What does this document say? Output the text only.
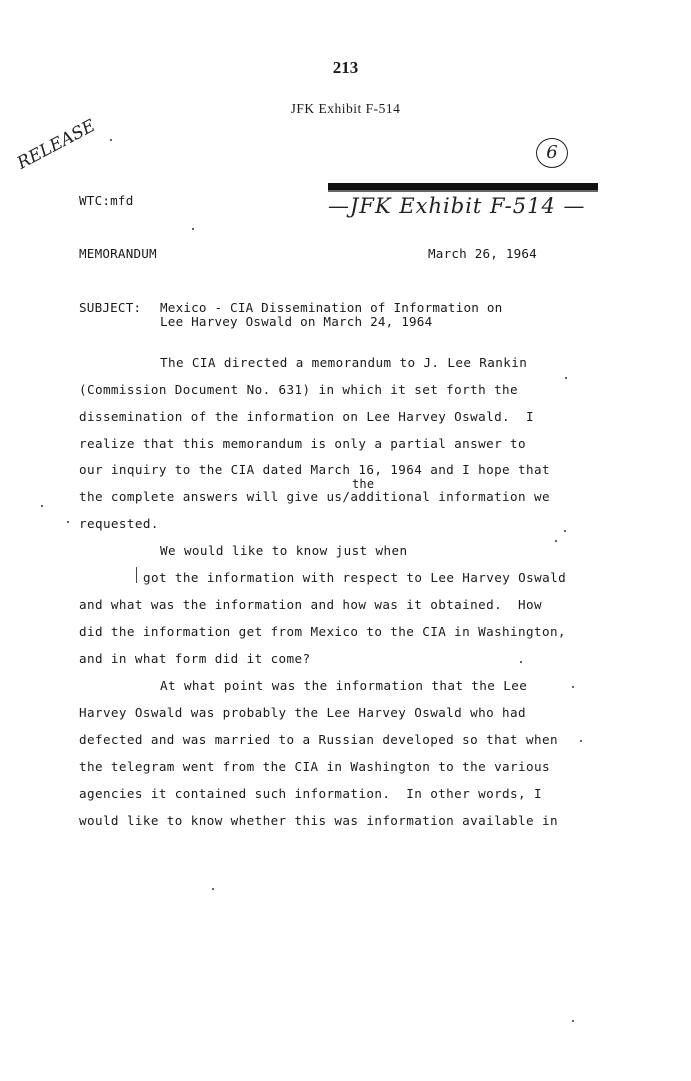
213
JFK Exhibit F-514
RELEASE	6
—JFK Exhibit F-514 —
WTC:mfd
MEMORANDUM	March 26, 1964
SUBJECT: Mexico - CIA Dissemination of Information on
Lee Harvey Oswald on March 24, 1964
The CIA directed a memorandum to J. Lee Rankin
(Commission Document No. 631) in which it set forth the
dissemination of the information on Lee Harvey Oswald.  I
realize that this memorandum is only a partial answer to
our inquiry to the CIA dated March 16, 1964 and I hope that
the
the complete answers will give us/additional information we
requested.
We would like to know just when
got the information with respect to Lee Harvey Oswald
and what was the information and how was it obtained.  How
did the information get from Mexico to the CIA in Washington,
and in what form did it come?
At what point was the information that the Lee
Harvey Oswald was probably the Lee Harvey Oswald who had
defected and was married to a Russian developed so that when
the telegram went from the CIA in Washington to the various
agencies it contained such information.  In other words, I
would like to know whether this was information available in
